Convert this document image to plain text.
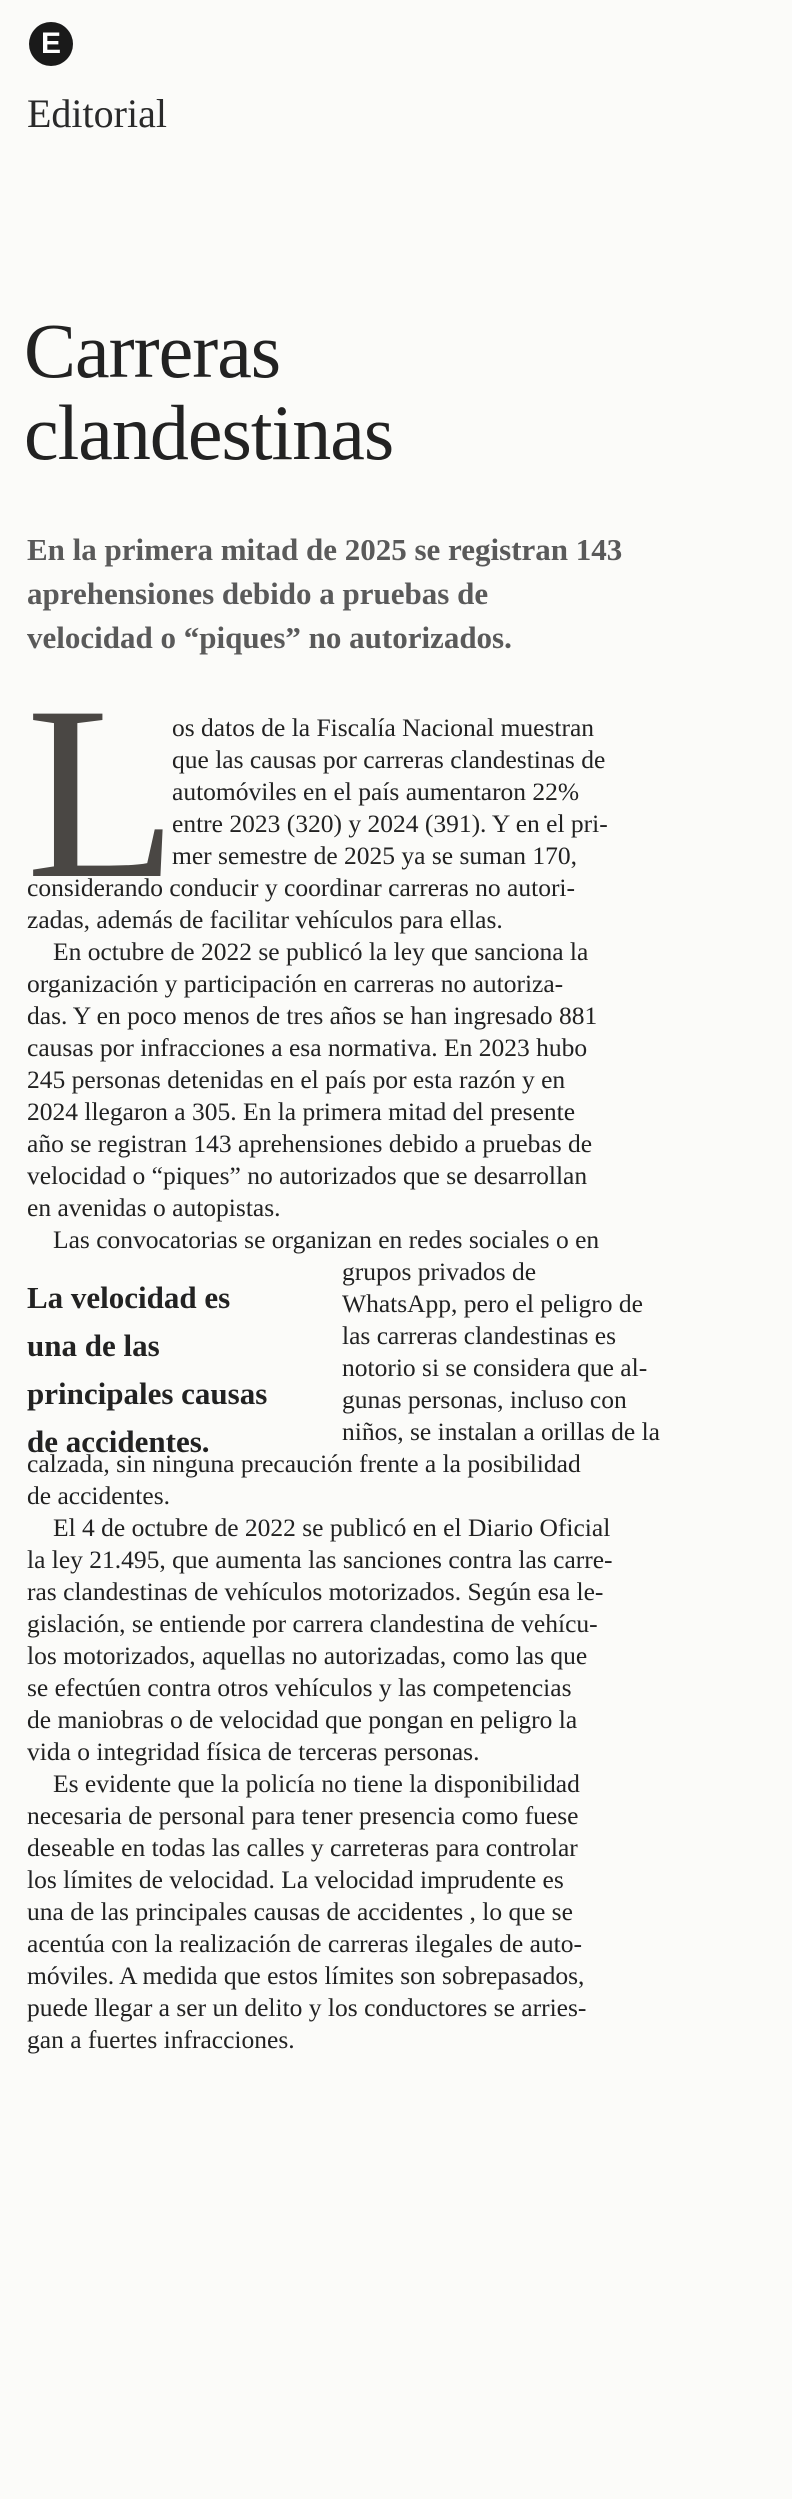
E
Editorial
Carreras
clandestinas
En la primera mitad de 2025 se registran 143
aprehensiones debido a pruebas de
velocidad o “piques” no autorizados.
L
os datos de la Fiscalía Nacional muestran
que las causas por carreras clandestinas de
automóviles en el país aumentaron 22%
entre 2023 (320) y 2024 (391). Y en el pri-
mer semestre de 2025 ya se suman 170,
considerando conducir y coordinar carreras no autori-
zadas, además de facilitar vehículos para ellas.
En octubre de 2022 se publicó la ley que sanciona la
organización y participación en carreras no autoriza-
das. Y en poco menos de tres años se han ingresado 881
causas por infracciones a esa normativa. En 2023 hubo
245 personas detenidas en el país por esta razón y en
2024 llegaron a 305. En la primera mitad del presente
año se registran 143 aprehensiones debido a pruebas de
velocidad o “piques” no autorizados que se desarrollan
en avenidas o autopistas.
Las convocatorias se organizan en redes sociales o en
grupos privados de
WhatsApp, pero el peligro de
las carreras clandestinas es
notorio si se considera que al-
gunas personas, incluso con
niños, se instalan a orillas de la
calzada, sin ninguna precaución frente a la posibilidad
de accidentes.
El 4 de octubre de 2022 se publicó en el Diario Oficial
la ley 21.495, que aumenta las sanciones contra las carre-
ras clandestinas de vehículos motorizados. Según esa le-
gislación, se entiende por carrera clandestina de vehícu-
los motorizados, aquellas no autorizadas, como las que
se efectúen contra otros vehículos y las competencias
de maniobras o de velocidad que pongan en peligro la
vida o integridad física de terceras personas.
Es evidente que la policía no tiene la disponibilidad
necesaria de personal para tener presencia como fuese
deseable en todas las calles y carreteras para controlar
los límites de velocidad. La velocidad imprudente es
una de las principales causas de accidentes , lo que se
acentúa con la realización de carreras ilegales de auto-
móviles. A medida que estos límites son sobrepasados,
puede llegar a ser un delito y los conductores se arries-
gan a fuertes infracciones.
La velocidad es
una de las
principales causas
de accidentes.
